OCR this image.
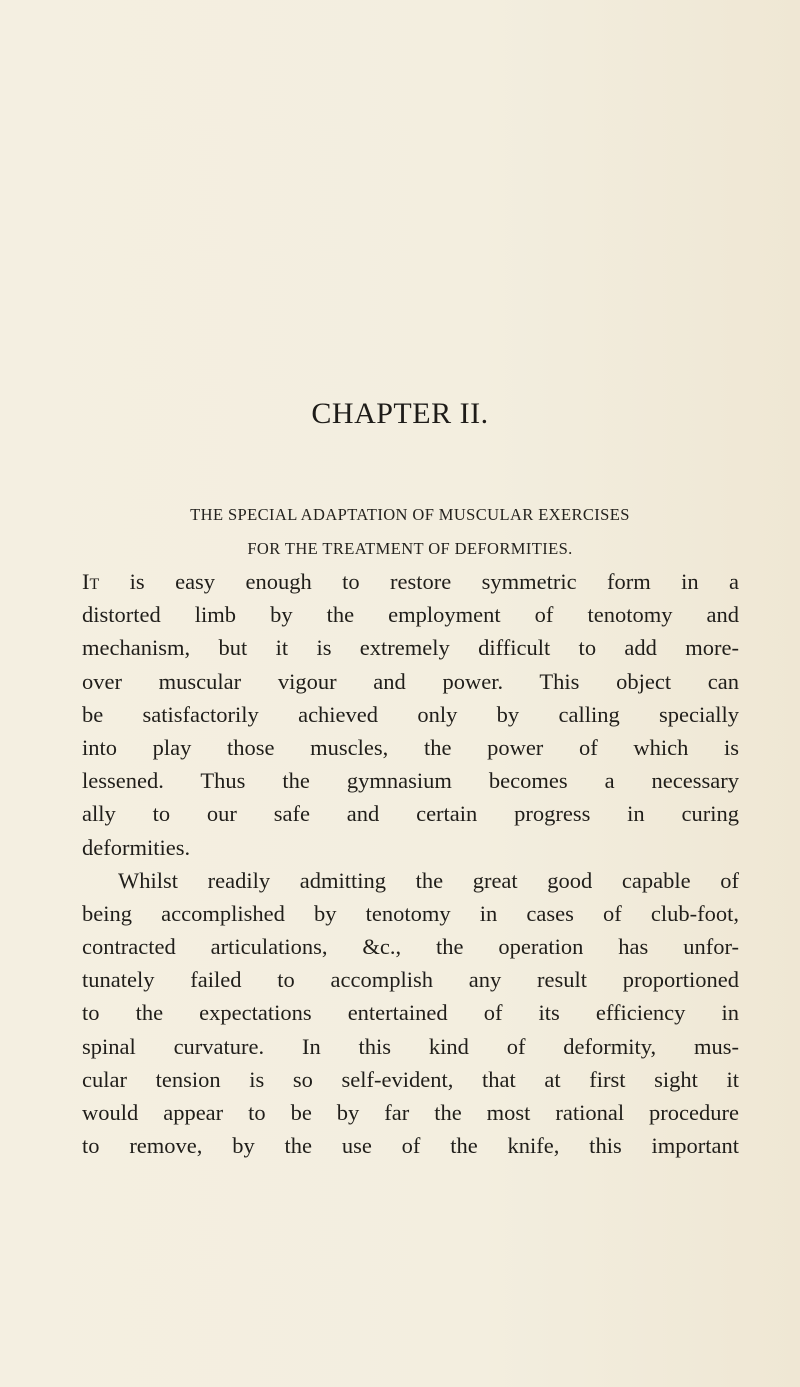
CHAPTER II.
THE SPECIAL ADAPTATION OF MUSCULAR EXERCISES
FOR THE TREATMENT OF DEFORMITIES.
It is easy enough to restore symmetric form in a
distorted limb by the employment of tenotomy and
mechanism, but it is extremely difficult to add more-
over muscular vigour and power. This object can
be satisfactorily achieved only by calling specially
into play those muscles, the power of which is
lessened. Thus the gymnasium becomes a necessary
ally to our safe and certain progress in curing
deformities.
Whilst readily admitting the great good capable of
being accomplished by tenotomy in cases of club-foot,
contracted articulations, &c., the operation has unfor-
tunately failed to accomplish any result proportioned
to the expectations entertained of its efficiency in
spinal curvature. In this kind of deformity, mus-
cular tension is so self-evident, that at first sight it
would appear to be by far the most rational procedure
to remove, by the use of the knife, this important
